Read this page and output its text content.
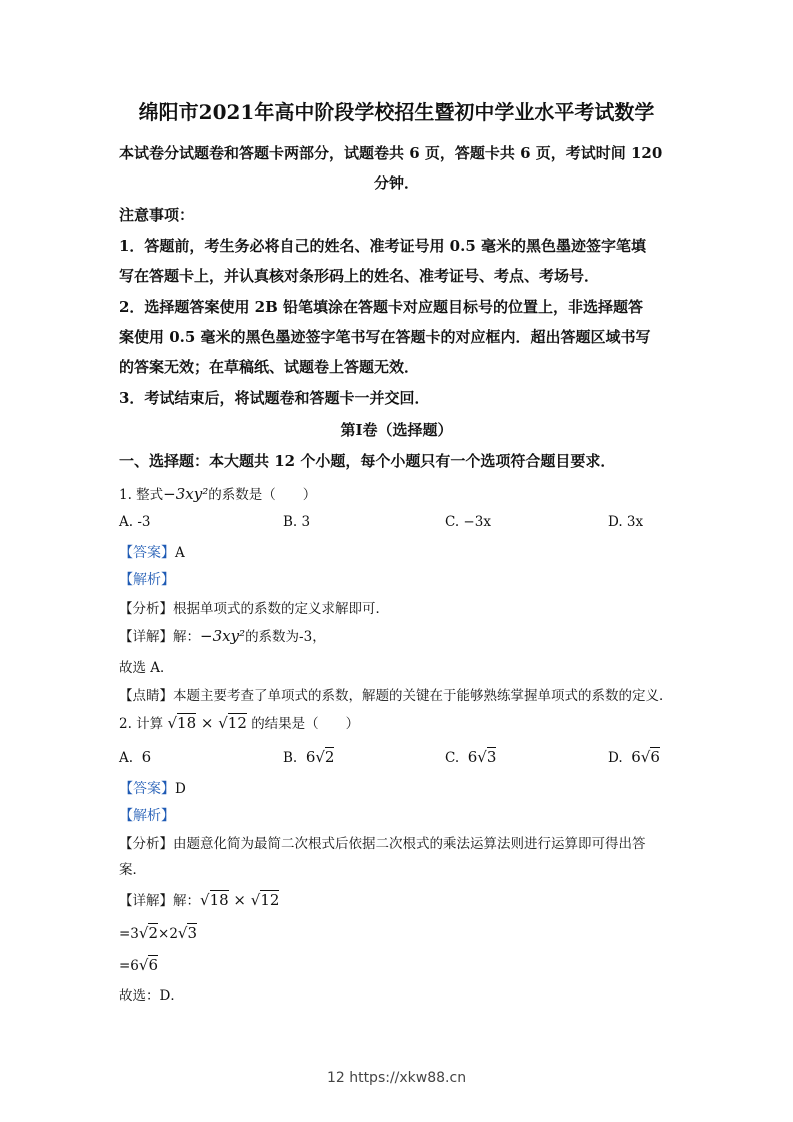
绵阳市2021年高中阶段学校招生暨初中学业水平考试数学
本试卷分试题卷和答题卡两部分，试题卷共 6 页，答题卡共 6 页，考试时间 120
分钟．
注意事项：
1．答题前，考生务必将自己的姓名、准考证号用 0.5 毫米的黑色墨迹签字笔填
写在答题卡上，并认真核对条形码上的姓名、准考证号、考点、考场号．
2．选择题答案使用 2B 铅笔填涂在答题卡对应题目标号的位置上，非选择题答
案使用 0.5 毫米的黑色墨迹签字笔书写在答题卡的对应框内．超出答题区域书写
的答案无效；在草稿纸、试题卷上答题无效．
3．考试结束后，将试题卷和答题卡一并交回．
第Ⅰ卷（选择题）
一、选择题：本大题共 12 个小题，每个小题只有一个选项符合题目要求．
1. 整式−3xy²的系数是（　　）
A. -3	B. 3	C. −3x	D. 3x
【答案】A
【解析】
【分析】根据单项式的系数的定义求解即可．
【详解】解：−3xy²的系数为-3，
故选 A．
【点睛】本题主要考查了单项式的系数，解题的关键在于能够熟练掌握单项式的系数的定义．
2. 计算 √18 × √12 的结果是（　　）
A. 6	B. 6√2	C. 6√3	D. 6√6
【答案】D
【解析】
【分析】由题意化简为最简二次根式后依据二次根式的乘法运算法则进行运算即可得出答
案．
【详解】解：√18 × √12
=3√2×2√3
=6√6
故选：D．
12 https://xkw88.cn
